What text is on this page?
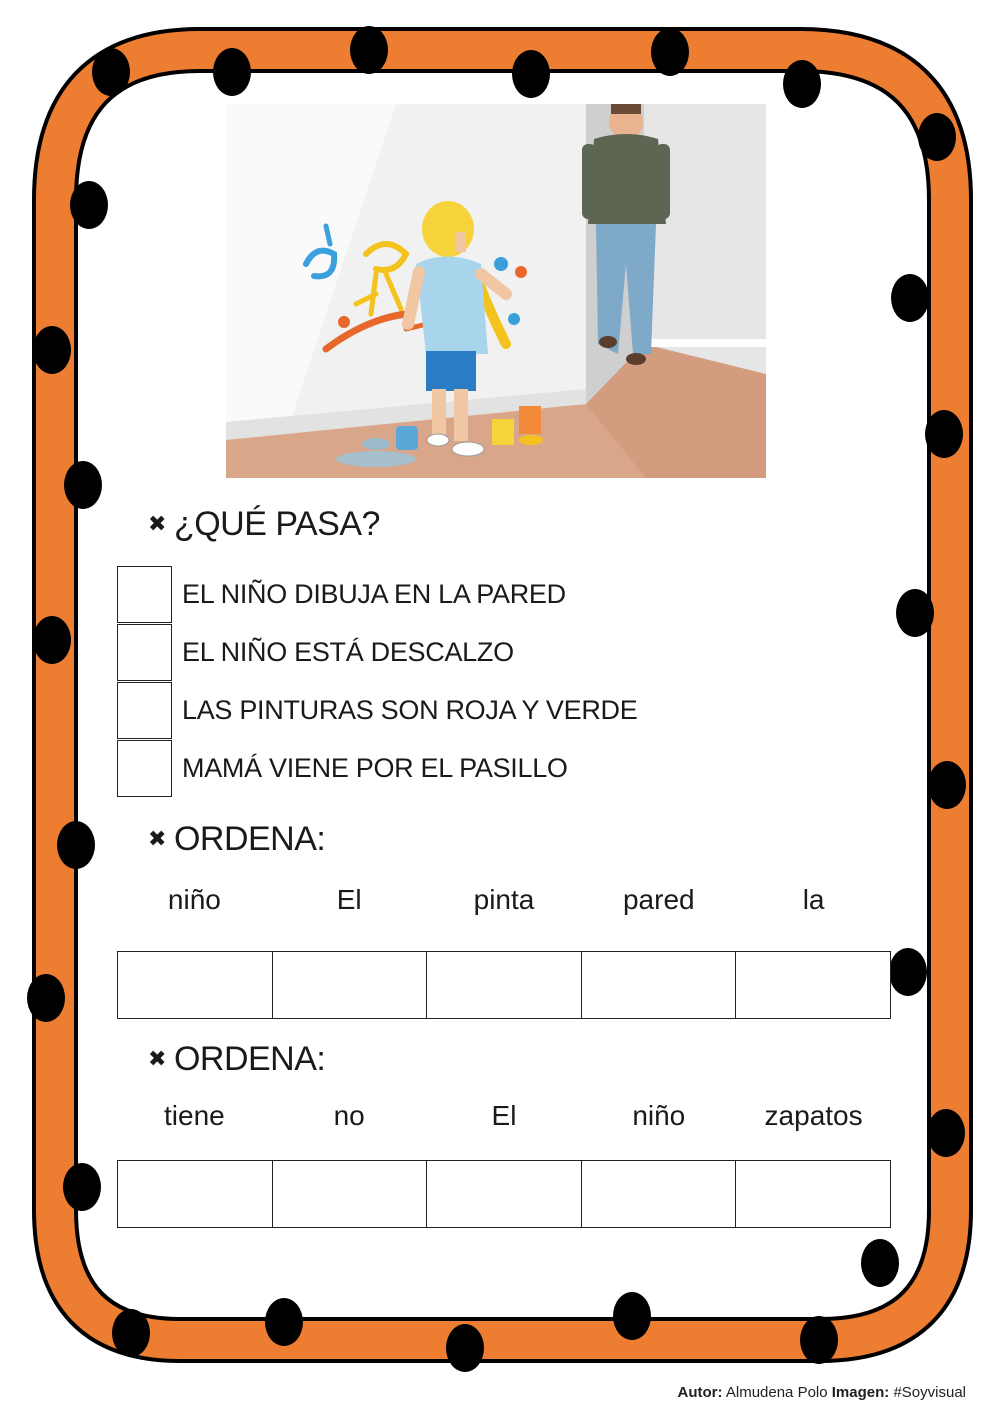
✖ ¿QUÉ PASA?
EL NIÑO DIBUJA EN LA PARED
EL NIÑO ESTÁ DESCALZO
LAS PINTURAS SON ROJA Y VERDE
MAMÁ VIENE POR EL PASILLO
✖ ORDENA:
niño	El	pinta	pared	la
✖ ORDENA:
tiene	no	El	niño	zapatos
Autor: Almudena Polo Imagen: #Soyvisual
